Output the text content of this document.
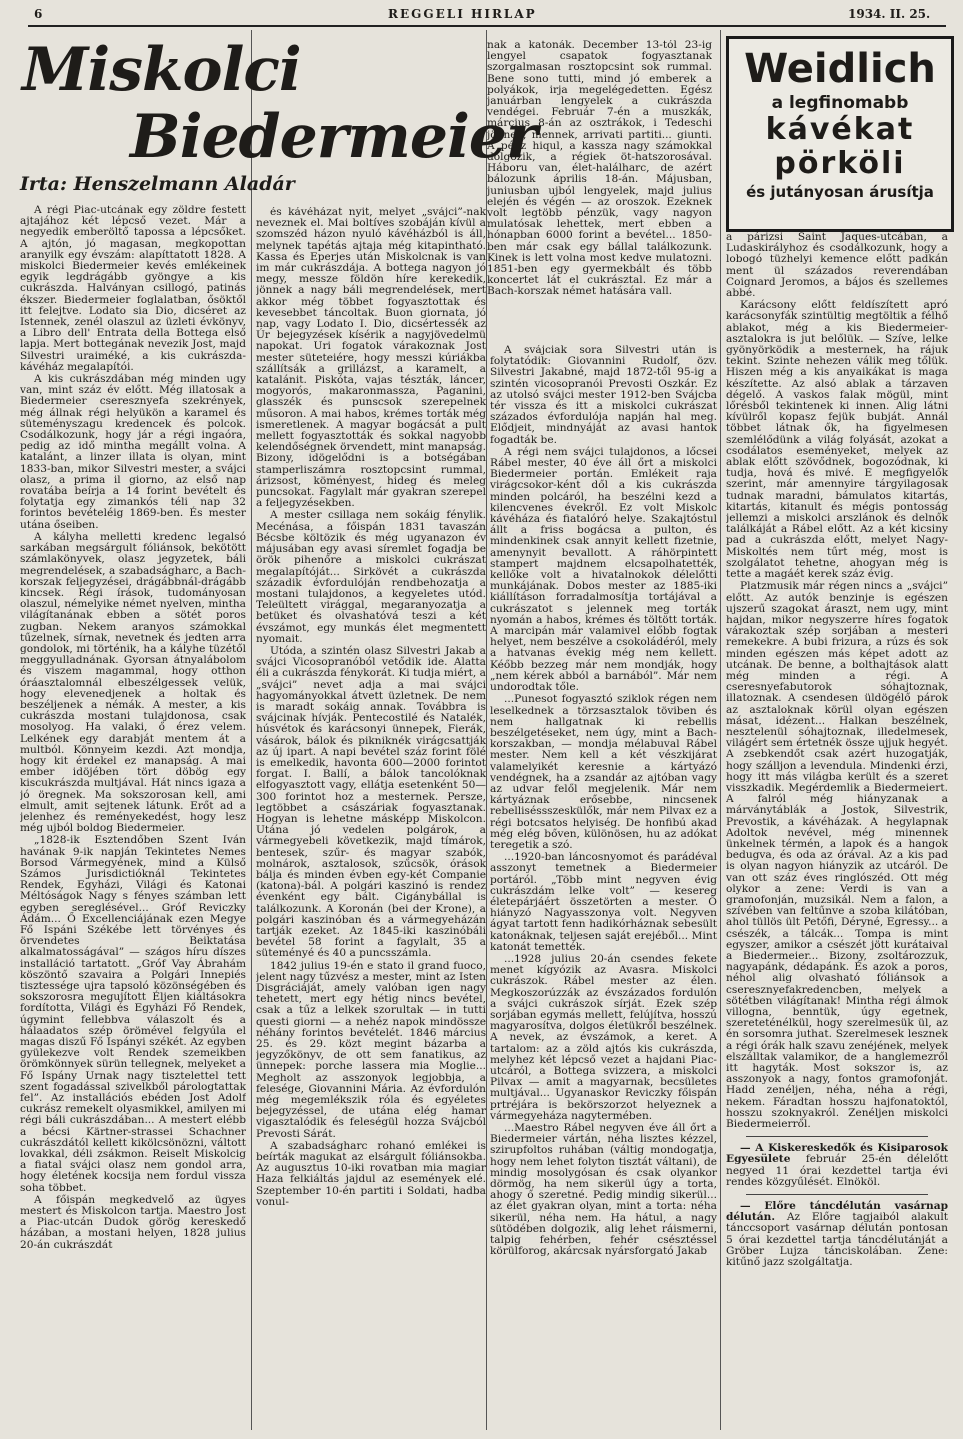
6	REGGELI HIRLAP	1934. II. 25.
Miskolci
Biedermeier
Irta: Henszelmann Aladár

A régi Piac-utcának egy zöldre festett ajtajához két lépcső vezet. Már a negyedik emberöltő tapossa a lépcsőket. A ajtón, jó magasan, megkopottan aranyilk egy évszám: alapíttatott 1828. A miskolci Biedermeier kevés emlékeinek egyik legdrágább gyöngye a kis cukrászda. Halványan csillogó, patinás ékszer. Biedermeier foglalatban, ősöktől itt felejtve. Lodato sia Dio, dicséret az Istennek, zenél olaszul az üzleti évkönyv, a Libro dell' Entrata della Bottega első lapja. Mert bottegának nevezik Jost, majd Silvestri uraiméké, a kis cukrászda-kávéház megalapítói.

A kis cukrászdában még minden ugy van, mint száz év előtt. Még illatosak a Biedermeier cseresznyefa szekrények, még állnak régi helyükön a karamel és süteményszagu kredencek és polcok. Csodálkozunk, hogy jár a régi ingaóra, pedig az idő mintha megállt volna. A katalánt, a linzer illata is olyan, mint 1833-ban, mikor Silvestri mester, a svájci olasz, a prima il giorno, az első nap rovatába beírja a 14 forint bevételt és folytatja egy zimankós téli nap 32 forintos bevételéig 1869-ben. És mester utána őseiben.

A kályha melletti kredenc legalsó sarkában megsárgult fóliánsok, bekötött számlakönyvek, olasz jegyzetek, báli megrendelések, a szabadságharc, a Bach-korszak feljegyzései, drágábbnál-drágább kincsek. Régi írások, tudományosan olaszul, némelyike német nyelven, mintha világítanának ebben a sötét poros zugban. Nekem aranyos számokkal tűzelnek, sírnak, nevetnek és jedten arra gondolok, mi történik, ha a kályhe tüzétől meggyulladnának. Gyorsan átnyalábolom és viszem magammal, hogy otthon óráasztalomnál elbeszélgessek velük, hogy elevenedjenek a holtak és beszéljenek a némák. A mester, a kis cukrászda mostani tulajdonosa, csak mosolyog. Ha valaki, ő érez velem. Lelkének egy darabját mentem át a multból. Könnyeim kezdi. Azt mondja, hogy kit érdekel ez manapság. A mai ember idöjében tört döbög egy kiscukrászda multjával. Hát nincs igaza a jó öregnek. Ma sokszorosan kell, ami elmult, amit sejtenek látunk. Erőt ad a jelenhez és reményekedést, hogy lesz még ujból boldog Biedermeier.

„1828-ik Esztendőben Szent Iván havának 9-ik napján Tekintetes Nemes Borsod Vármegyének, mind a Külső Számos Jurisdictióknál Tekintetes Rendek, Egyházi, Világi és Katonai Méltóságok Nagy s fényes számban lett egyben sereglésével... Gróf Reviczky Ádám... Ő Excellenciájának ezen Megye Fő Ispáni Székébe lett törvényes és örvendetes Beiktatása alkalmatosságával” — szágos híru díszes installáció tartatott. „Gróf Vay Ábrahám köszöntő szavaira a Polgári Innepiés tisztessége ujra tapsoló közönségében és sokszorosra megujított Éljen kiáltásokra fordította, Világi és Egyházi Fő Rendek, úgymint fellebbva válaszolt és a hálaadatos szép örömével felgyúla el magas diszű Fő Ispányi székét. Az egyben gyülekezve volt Rendek szemeikben örömkönnyek sürün tellegnek, melyeket a Fő Ispány Urnak nagy tisztelettel tett szent fogadással szivelkből párologtattak fel”. Az installációs ebéden Jost Adolf cukrász remekelt olyasmikkel, amilyen mi régi báli cukrászdában... A mestert elébb a bécsi Kärtner-strassei Schachner cukrászdától kellett kikölcsönözni, váltott lovakkal, déli zsákmon. Reiselt Miskolcig a fiatal svájci olasz nem gondol arra, hogy életének kocsija nem fordul vissza soha többet.

A főispán megkedvelő az ügyes mestert és Miskolcon tartja. Maestro Jost a Piac-utcán Dudok görög kereskedő házában, a mostani helyen, 1828 julius 20-án cukrászdát

és kávéházat nyit, melyet „svájci”-nak neveznek el. Mai boltíves szobáján kívül a szomszéd házon nyuló kávéházból is áll, melynek tapétás ajtaja még kitapintható. Kassa és Eperjes után Miskolcnak is van im már cukrászdája. A bottega nagyon jó megy, messze földön híre kerekedik, jönnek a nagy báli megrendelések, mert akkor még többet fogyasztottak és kevesebbet táncoltak. Buon giornata, jó nap, vagy Lodato I. Dio, dicsértessék az Úr bejegyzések kísérik a nagyjövedelmü napokat. Uri fogatok várakoznak Jost mester süteteiére, hogy messzi kúriákba szállítsák a grillázst, a karamelt, a katalánit. Piskóta, vajas tészták, láncer, mogyorós, makaronmassza, Paganini, glasszék és punscsok szerepelnek műsoron. A mai habos, krémes torták még ismeretlenek. A magyar bogácsát a pult mellett fogyasztották és sokkal nagyobb kelendőségnek örvendett, mint manapság. Bizony, idögelődni is a botségában stamperliszámra rosztopcsint rummal, árizsost, köményest, hideg és meleg puncsokat. Fagylalt már gyakran szerepel a feljegyzésekben.

A mester csillaga nem sokáig fénylik. Mecénása, a főispán 1831 tavaszán Bécsbe költözik és még ugyanazon év májusában egy avasi síremlet fogadja be örök pihenőre a miskolci cukrászat megalapítóját... Sirkövét a cukrászda századik évfordulóján rendbehozatja a mostani tulajdonos, a kegyeletes utód. Teleültett virággal, megaranyozatja a betüket és olvashatóvá teszi a két évszámot, egy munkás élet megmentett nyomait.

Utóda, a szintén olasz Silvestri Jakab a svájci Vicosopranóból vetődik ide. Alatta éli a cukrászda fénykorát. Ki tudja miért, a „svájci” nevet adja a mai svájci hagyományokkal átvett üzletnek. De nem is maradt sokáig annak. Továbbra is svájcinak hívják. Pentecostilé és Natalék, húsvétok és karácsonyi ünnepek, Fierák, vásárok, bálok és pikniknék virágcsattják az új ipart. A napi bevétel száz forint fölé is emelkedik, havonta 600—2000 forintot forgat. I. Ballí, a bálok tancolóknak elfogyasztott vagy, ellátja esetenként 50—300 forintot hoz a mesternek. Persze, legtöbbet a császáriak fogyasztanak. Hogyan is lehetne másképp Miskolcon. Utána jó vedelen polgárok, a vármegyebeli következik, majd tímárok, bentesek, szűr- és magyar szabók, molnárok, asztalosok, szűcsök, órások bálja és minden évben egy-két Companie (katona)-bál. A polgári kaszinó is rendez évenként egy bált. Cigánybállal is találkozunk. A Koronán (bei der Krone), a polgári kaszinóban és a vármegyeházán tartják ezeket. Az 1845-iki kaszinóbáli bevétel 58 forint a fagylalt, 35 a süteményé és 40 a puncsszámla.

1842 julius 19-én e stato il grand fuoco, jelent nagy tűzvész a mester, mint az Isten Disgráciáját, amely valóban igen nagy tehetett, mert egy hétig nincs bevétel, csak a tűz a lelkek szorultak — in tutti questi giorni — a nehéz napok mindössze néhány forintos bevételét. 1846 március 25. és 29. közt megint bázarba a jegyzőkönyv, de ott sem fanatikus, az ünnepek: porche lassera mia Moglie... Megholt az asszonyok legjobbja, a felesége, Giovannini Mária. Az évfordulón még megemlékszik róla és egyéletes bejegyzéssel, de utána elég hamar vigasztalódik és feleségül hozza Svájcból Prevosti Sárát.

A szabadságharc rohanó emlékei is beírták magukat az elsárgult fóliánsokba. Az augusztus 10-iki rovatban mia magiar Haza felkiáltás jajdul az események elé. Szeptember 10-én partiti i Soldati, hadba vonul-

nak a katonák. December 13-tól 23-ig lengyel csapatok fogyasztanak szorgalmasan rosztopcsint sok rummal. Bene sono tutti, mind jó emberek a polyákok, irja megelégedetten. Egész januárban lengyelek a cukrászda vendégei. Február 7-én a muszkák, március 8-án az osztrákok, i Tedeschi jönnek, mennek, arrivati partiti... giunti. A pénz hiqul, a kassza nagy számokkal dolgozik, a régiek öt-hatszorosával. Háboru van, élet-halálharc, de azért bálozunk április 18-án. Májusban, juniusban ujból lengyelek, majd julius elején és végén — az oroszok. Ezeknek volt legtöbb pénzük, vagy nagyon mulatósak lehettek, mert ebben a hónapban 6000 forint a bevétel... 1850-ben már csak egy bállal találkozunk. Kinek is lett volna most kedve mulatozni. 1851-ben egy gyermekbált és több koncertet lát el cukrásztal. Ez már a Bach-korszak német hatására vall.

A svájciak sora Silvestri után is folytatódik: Giovannini Rudolf, özv. Silvestri Jakabné, majd 1872-től 95-ig a szintén vicosopranói Prevosti Oszkár. Ez az utolsó svájci mester 1912-ben Svájcba tér vissza és itt a miskolci cukrászat százados évfordulója napján hal meg. Elődjeit, mindnyáját az avasi hantok fogadták be.

A régi nem svájci tulajdonos, a lőcsei Rábel mester, 40 éve áll őrt a miskolci Biedermeier portán. Emlékeit raja virágcsokor-ként dől a kis cukrászda minden polcáról, ha beszélni kezd a kilencvenes évekről. Ez volt Miskolc kávéháza és fiatalóró helye. Szakajtóstul állt a friss bogácsa a pulton, és mindenkinek csak annyit kellett fizetnie, amenynyit bevallott. A ráhörpintett stampert majdnem elcsapolhatették, kellőke volt a hivatalnokok délelőtti munkájának. Dobos mester az 1885-iki kiállításon forradalmosítja tortájával a cukrászatot s jelennek meg torták nyomán a habos, krémes és töltött torták. A marcipán már valamivel előbb fogtak helyet, nem beszélve a csokoládéról, mely a hatvanas évekig még nem kellett. Kéőbb bezzeg már nem mondják, hogy „nem kérek abból a barnából”. Már nem undorodtak tőle.

...Punesot fogyasztó sziklok régen nem leselkednek a törzsasztalok töviben és nem hallgatnak ki rebellis beszélgetéseket, nem úgy, mint a Bach-korszakban, — mondja mélabuval Rábel mester. Nem kell a két vészkijárat valamelyikét keresnie a kártyázó vendégnek, ha a zsandár az ajtóban vagy az udvar felől megjelenik. Már nem kártyáznak erősebbe, nincsenek rebelliséssszeskülők, már nem Pilvax ez a régi botcsatos helyiség. De honfibú akad még elég bőven, különösen, hu az adókat teregetik a szó.

...1920-ban láncosnyomot és parádéval asszonyt temetnek a Biedermeier portáról. „Több mint negyven évig cukrászdám lelke volt” — kesereg életepárjáért összetörten a mester. Ő hiányzó Nagyasszonya volt. Negyven ágyat tartott fenn hadikórháznak sebesült katonáknak, teljesen saját erejéből... Mint katonát temették.

...1928 julius 20-án csendes fekete menet kígyózik az Avasra. Miskolci cukrászok. Rábel mester az élen. Megkoszorúzzák az évszázados fordulón a svájci cukrászok sírját. Ezek szép sorjában egymás mellett, felújítva, hosszú magyarosítva, dolgos életükről beszélnek. A nevek, az évszámok, a keret. A tartalom: az a zöld ajtós kis cukrászda, melyhez két lépcső vezet a hajdani Piac-utcáról, a Bottega svizzera, a miskolci Pilvax — amit a magyarnak, becsületes multjával... Ugyanaskor Reviczky főispán prtréjára is bekörszorzot helyeznek a vármegyeháza nagytermében.

...Maestro Rábel negyven éve áll őrt a Biedermeier vártán, néha lisztes kézzel, szirupfoltos ruhában (váltig mondogatja, hogy nem lehet folyton tisztát váltani), de mindig mosolygósan és csak olyankor dörmög, ha nem sikerül úgy a torta, ahogy ő szeretné. Pedig mindig sikerül... az élet gyakran olyan, mint a torta: néha sikerül, néha nem. Ha hátul, a nagy sütödében dolgozik, alig lehet ráismerni, talpig fehérben, fehér csésztéssel körülforog, akárcsak nyársforgató Jakab

Weidlich
a legfinomabb
kávékat
pörköli
és jutányosan árusítja

a párizsi Saint Jaques-utcában, a Ludaskirályhoz és csodálkozunk, hogy a lobogó tüzhelyi kemence előtt padkán ment ül százados reverendában Coignard Jeromos, a bájos és szellemes abbé.

Karácsony előtt feldíszített apró karácsonyfák szintültig megtöltik a félhő ablakot, még a kis Biedermeier-asztalokra is jut belőlük. — Szíve, lelke gyönyörködik a mesternek, ha rájuk tekint. Szinte nehezen válik meg tőlük. Hiszen még a kis anyaikákat is maga készítette. Az alsó ablak a tárzaven dégelő. A vaskos falak mögül, mint lőrésből tekintenek ki innen. Alig látni kívülről kopasz fejük bubját. Annál többet látnak ők, ha figyelmesen szemlélődünk a világ folyását, azokat a csodálatos eseményeket, melyek az ablak előtt szövődnek, bogozódnak, ki tudja, hová és mivé. E megfigyelők szerint, már amennyire tárgyilagosak tudnak maradni, bámulatos kitartás, kitartás, kitanult és mégis pontosság jellemzi a miskolci arszlánok és delnők találkáját a Rábel előtt. Az a két kicsiny pad a cukrászda előtt, melyet Nagy-Miskoltés nem tűrt még, most is szolgálatot tehetne, ahogyan még is tette a magáét kerek száz évig.

Platzmusik már régen nincs a „svájci” előtt. Az autók benzinje is egészen ujszerű szagokat áraszt, nem ugy, mint hajdan, mikor negyszerre híres fogatok várakoztak szép sorjában a mesteri remekekre. A bubi frizura, a rúzs és sok minden egészen más képet adott az utcának. De benne, a bolthajtások alatt még minden a régi. A cseresnyefabutorok sóhajtoznak, illatoznak. A csendesen üldögélő párok az asztaloknak körül olyan egészen másat, idézent... Halkan beszélnek, nesztelenül sóhajtoznak, illedelmesek, világért sem értetnék össze ujjuk hegyét. A zsebkendőt csak azért huzogatják, hogy szálljon a levendula. Mindenki érzi, hogy itt más világba került és a szeret visszkadik. Megérdemlik a Biedermeiert. A falról még hiányzanak a márványtáblák a Jostok, Silvestrik, Prevostik, a kávéházak. A hegylapnak Adoltok nevével, még minennek ünkelnek térmén, a lapok és a hangok bedugva, és oda az órával. Az a kis pad is olyan nagyon hiányzik az utcáról. De van ott száz éves ringlószéd. Ott még olykor a zene: Verdi is van a gramofonján, muzsikál. Nem a falon, a szívében van feltűnve a szoba kilátóban, ahol tüllös ült Petőfi, Déryné, Egressy... a csészék, a tálcák... Tompa is mint egyszer, amikor a csészét jött kurátaival a Biedermeier... Bizony, zsoltározzuk, nagyapánk, dédapánk. És azok a poros, néhol alig olvasható fóliánsok a cseresznyefakredencben, melyek a sötétben világítanak! Mintha régi álmok villogna, benntük, úgy egetnek, szereteténélkül, hogy szerelmesük ül, az én sorsomra juthat. Szerelmesek lesznek a régi órák halk szavu zenéjének, melyek elszálltak valamikor, de a hanglemezről itt hagyták. Most sokszor is, az asszonyok a nagy, fontos gramofonját. Hadd zenéljen, néha, néha a régi, nekem. Fáradtan hosszu hajfonatoktól, hosszu szoknyakról. Zenéljen miskolci Biedermeierről.

— A Kiskereskedők és Kisiparosok Egyesülete február 25-én délelőtt negyed 11 órai kezdettel tartja évi rendes közgyűlését. Elnököl.

— Előre táncdélután vasárnap délután. Az Előre tagjaiból alakult tánccsoport vasárnap délután pontosan 5 órai kezdettel tartja táncdélutánját a Gröber Lujza tánciskolában. Zene: kitűnő jazz szolgáltatja.
